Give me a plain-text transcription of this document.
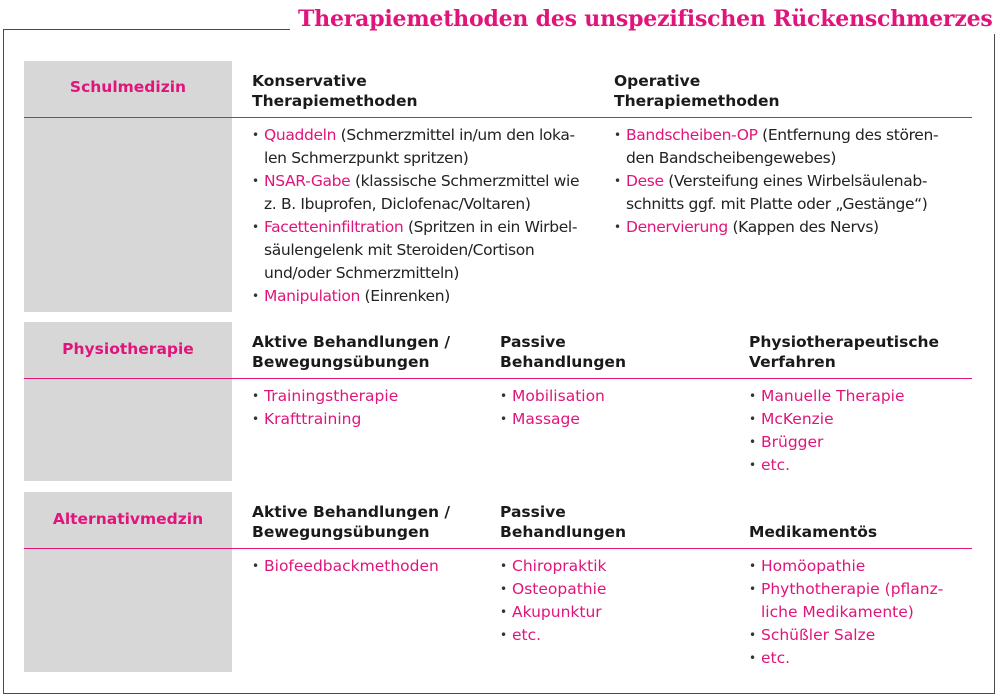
Therapiemethoden des unspezifischen Rückenschmerzes
Schulmedizin	Konservative
Therapiemethoden
Operative
Therapiemethoden
• Quaddeln (Schmerzmittel in/um den loka-
len Schmerzpunkt spritzen)
• NSAR-Gabe (klassische Schmerzmittel wie
z. B. Ibuprofen, Diclofenac/Voltaren)
• Facetteninfiltration (Spritzen in ein Wirbel-
säulengelenk mit Steroiden/Cortison
und/oder Schmerzmitteln)
• Manipulation (Einrenken)
• Bandscheiben-OP (Entfernung des stören-
den Bandscheibengewebes)
• Dese (Versteifung eines Wirbelsäulenab-
schnitts ggf. mit Platte oder „Gestänge“)
• Denervierung (Kappen des Nervs)
Physiotherapie	Aktive Behandlungen /
Bewegungsübungen
Passive
Behandlungen
Physiotherapeutische
Verfahren
• Trainingstherapie
• Krafttraining
• Mobilisation
• Massage
• Manuelle Therapie
• McKenzie
• Brügger
• etc.
Alternativmedzin	Aktive Behandlungen /
Bewegungsübungen
Passive
Behandlungen
	Medikamentös
• Biofeedbackmethoden
•	Chiropraktik
• Osteopathie
• Akupunktur
• etc.
• Homöopathie
• Phythotherapie (pflanz-
liche Medikamente)
• Schüßler Salze
• etc.
